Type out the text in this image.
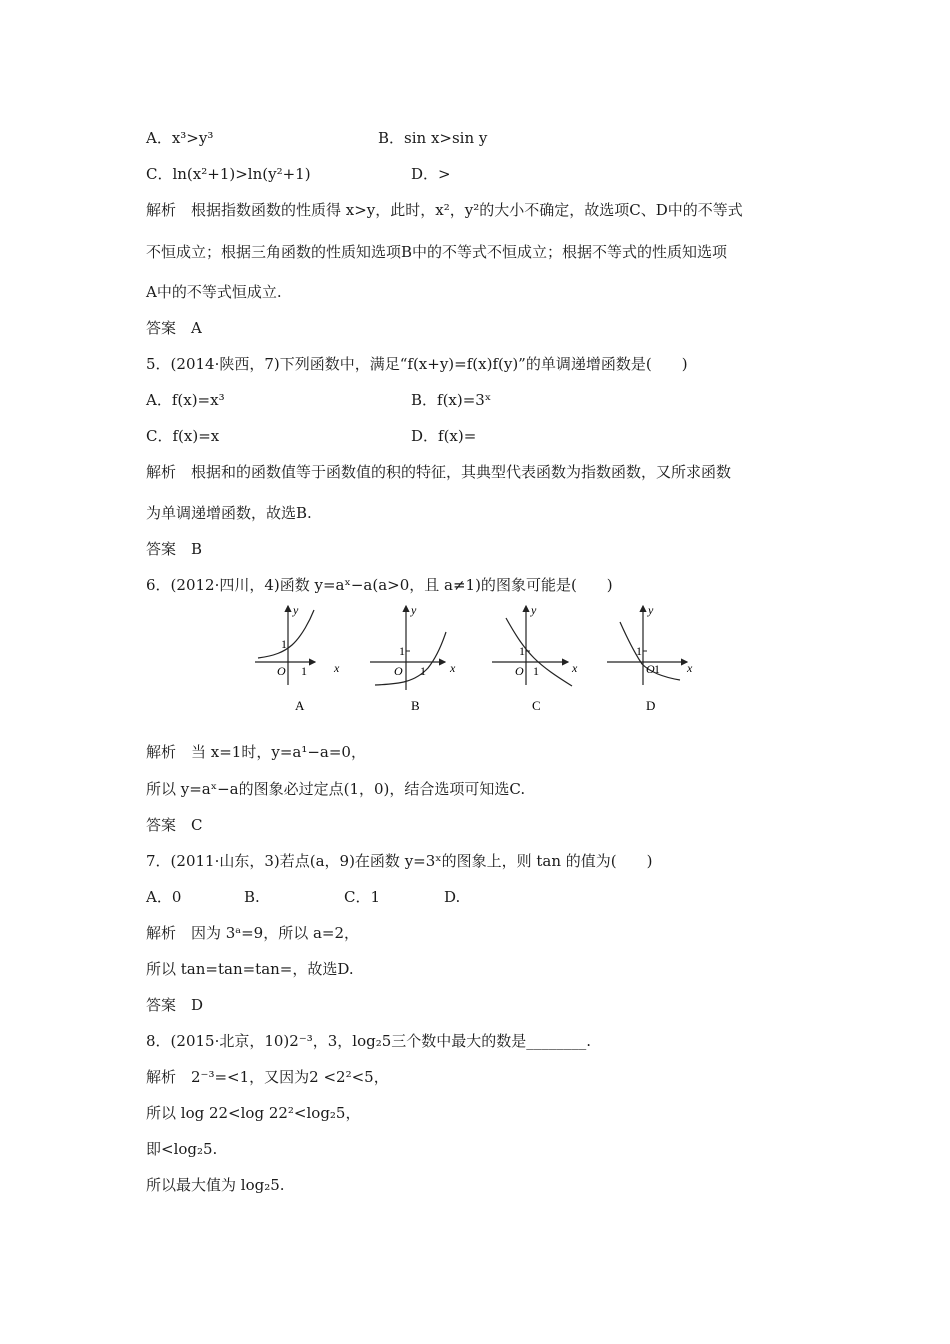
A．x³>y³	B．sin x>sin y
C．ln(x²+1)>ln(y²+1)	D．>
解析　根据指数函数的性质得 x>y，此时，x²，y²的大小不确定，故选项C、D中的不等式
不恒成立；根据三角函数的性质知选项B中的不等式不恒成立；根据不等式的性质知选项
A中的不等式恒成立.
答案　A
5．(2014·陕西，7)下列函数中，满足“f(x+y)=f(x)f(y)”的单调递增函数是(　　)
A．f(x)=x³	B．f(x)=3ˣ
C．f(x)=x	D．f(x)=
解析　根据和的函数值等于函数值的积的特征，其典型代表函数为指数函数，又所求函数
为单调递增函数，故选B.
答案　B
6．(2012·四川，4)函数 y=aˣ−a(a>0，且 a≠1)的图象可能是(　　)
y
x
O
1
1
A
y
x
O
1
1
B
y
x
O
1
1
C
y
x
O
1
1
D
解析　当 x=1时，y=a¹−a=0，
所以 y=aˣ−a的图象必过定点(1，0)，结合选项可知选C.
答案　C
7．(2011·山东，3)若点(a，9)在函数 y=3ˣ的图象上，则 tan 的值为(　　)
A．0	B.	C．1	D.
解析　因为 3ᵃ=9，所以 a=2，
所以 tan=tan=tan=，故选D.
答案　D
8．(2015·北京，10)2⁻³，3，log₂5三个数中最大的数是________.
解析　2⁻³=<1，又因为2 <2²<5，
所以 log 22<log 22²<log₂5，
即<log₂5.
所以最大值为 log₂5.
